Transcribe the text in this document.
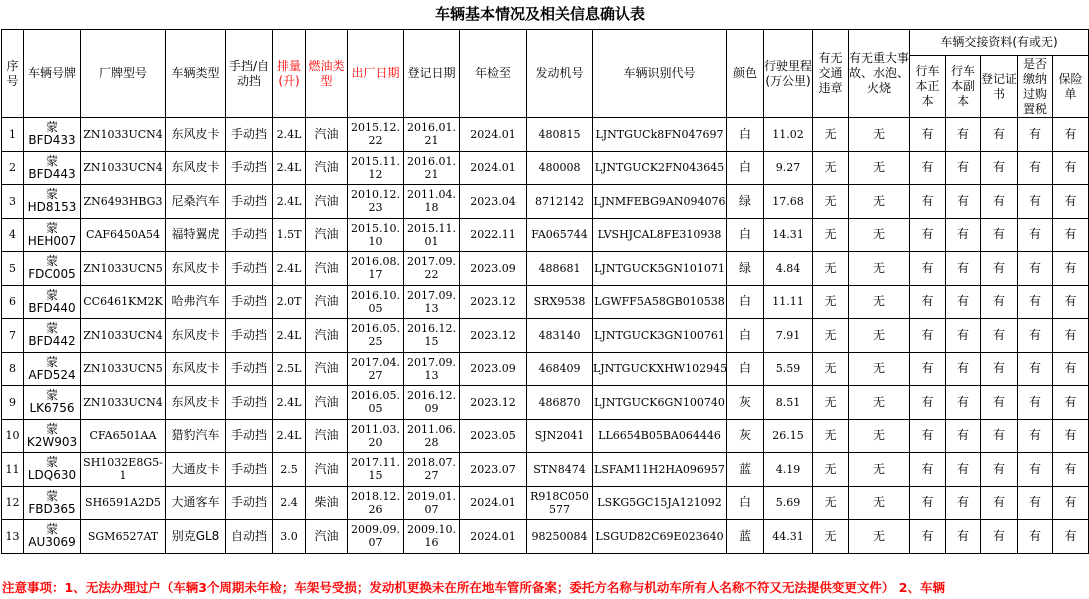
车辆基本情况及相关信息确认表
序号	车辆号牌	厂牌型号	车辆类型	手挡/自动挡	排量(升)	燃油类型	出厂日期	登记日期	年检至	发动机号	车辆识别代号	颜色	行驶里程(万公里)	有无交通违章	有无重大事故、水泡、火烧	车辆交接资料(有或无)				
																行车本正本	行车本副本	登记证书	是否缴纳过购置税	保险单
1	蒙 BFD433	ZN1033UCN4	东风皮卡	手动挡	2.4L	汽油	2015.12. 22	2016.01. 21	2024.01	480815	LJNTGUCk8FN047697	白	11.02	无	无	有	有	有	有	有
2	蒙 BFD443	ZN1033UCN4	东风皮卡	手动挡	2.4L	汽油	2015.11. 12	2016.01. 21	2024.01	480008	LJNTGUCK2FN043645	白	9.27	无	无	有	有	有	有	有
3	蒙 HD8153	ZN6493HBG3	尼桑汽车	手动挡	2.4L	汽油	2010.12. 23	2011.04. 18	2023.04	8712142	LJNMFEBG9AN094076	绿	17.68	无	无	有	有	有	有	有
4	蒙 HEH007	CAF6450A54	福特翼虎	手动挡	1.5T	汽油	2015.10. 10	2015.11. 01	2022.11	FA065744	LVSHJCAL8FE310938	白	14.31	无	无	有	有	有	有	有
5	蒙 FDC005	ZN1033UCN5	东风皮卡	手动挡	2.4L	汽油	2016.08. 17	2017.09. 22	2023.09	488681	LJNTGUCK5GN101071	绿	4.84	无	无	有	有	有	有	有
6	蒙 BFD440	CC6461KM2K	哈弗汽车	手动挡	2.0T	汽油	2016.10. 05	2017.09. 13	2023.12	SRX9538	LGWFF5A58GB010538	白	11.11	无	无	有	有	有	有	有
7	蒙 BFD442	ZN1033UCN4	东风皮卡	手动挡	2.4L	汽油	2016.05. 25	2016.12. 15	2023.12	483140	LJNTGUCK3GN100761	白	7.91	无	无	有	有	有	有	有
8	蒙 AFD524	ZN1033UCN5	东风皮卡	手动挡	2.5L	汽油	2017.04. 27	2017.09. 13	2023.09	468409	LJNTGUCKXHW102945	白	5.59	无	无	有	有	有	有	有
9	蒙 LK6756	ZN1033UCN4	东风皮卡	手动挡	2.4L	汽油	2016.05. 05	2016.12. 09	2023.12	486870	LJNTGUCK6GN100740	灰	8.51	无	无	有	有	有	有	有
10	蒙 K2W903	CFA6501AA	猎豹汽车	手动挡	2.4L	汽油	2011.03. 20	2011.06. 28	2023.05	SJN2041	LL6654B05BA064446	灰	26.15	无	无	有	有	有	有	有
11	蒙 LDQ630	SH1032E8G5-1	大通皮卡	手动挡	2.5	汽油	2017.11. 15	2018.07. 27	2023.07	STN8474	LSFAM11H2HA096957	蓝	4.19	无	无	有	有	有	有	有
12	蒙 FBD365	SH6591A2D5	大通客车	手动挡	2.4	柴油	2018.12. 26	2019.01. 07	2024.01	R918C050 577	LSKG5GC15JA121092	白	5.69	无	无	有	有	有	有	有
13	蒙 AU3069	SGM6527AT	别克GL8	自动挡	3.0	汽油	2009.09. 07	2009.10. 16	2024.01	98250084	LSGUD82C69E023640	蓝	44.31	无	无	有	有	有	有	有
注意事项：1、无法办理过户（车辆3个周期未年检；车架号受损；发动机更换未在所在地车管所备案；委托方名称与机动车所有人名称不符又无法提供变更文件） 2、车辆
